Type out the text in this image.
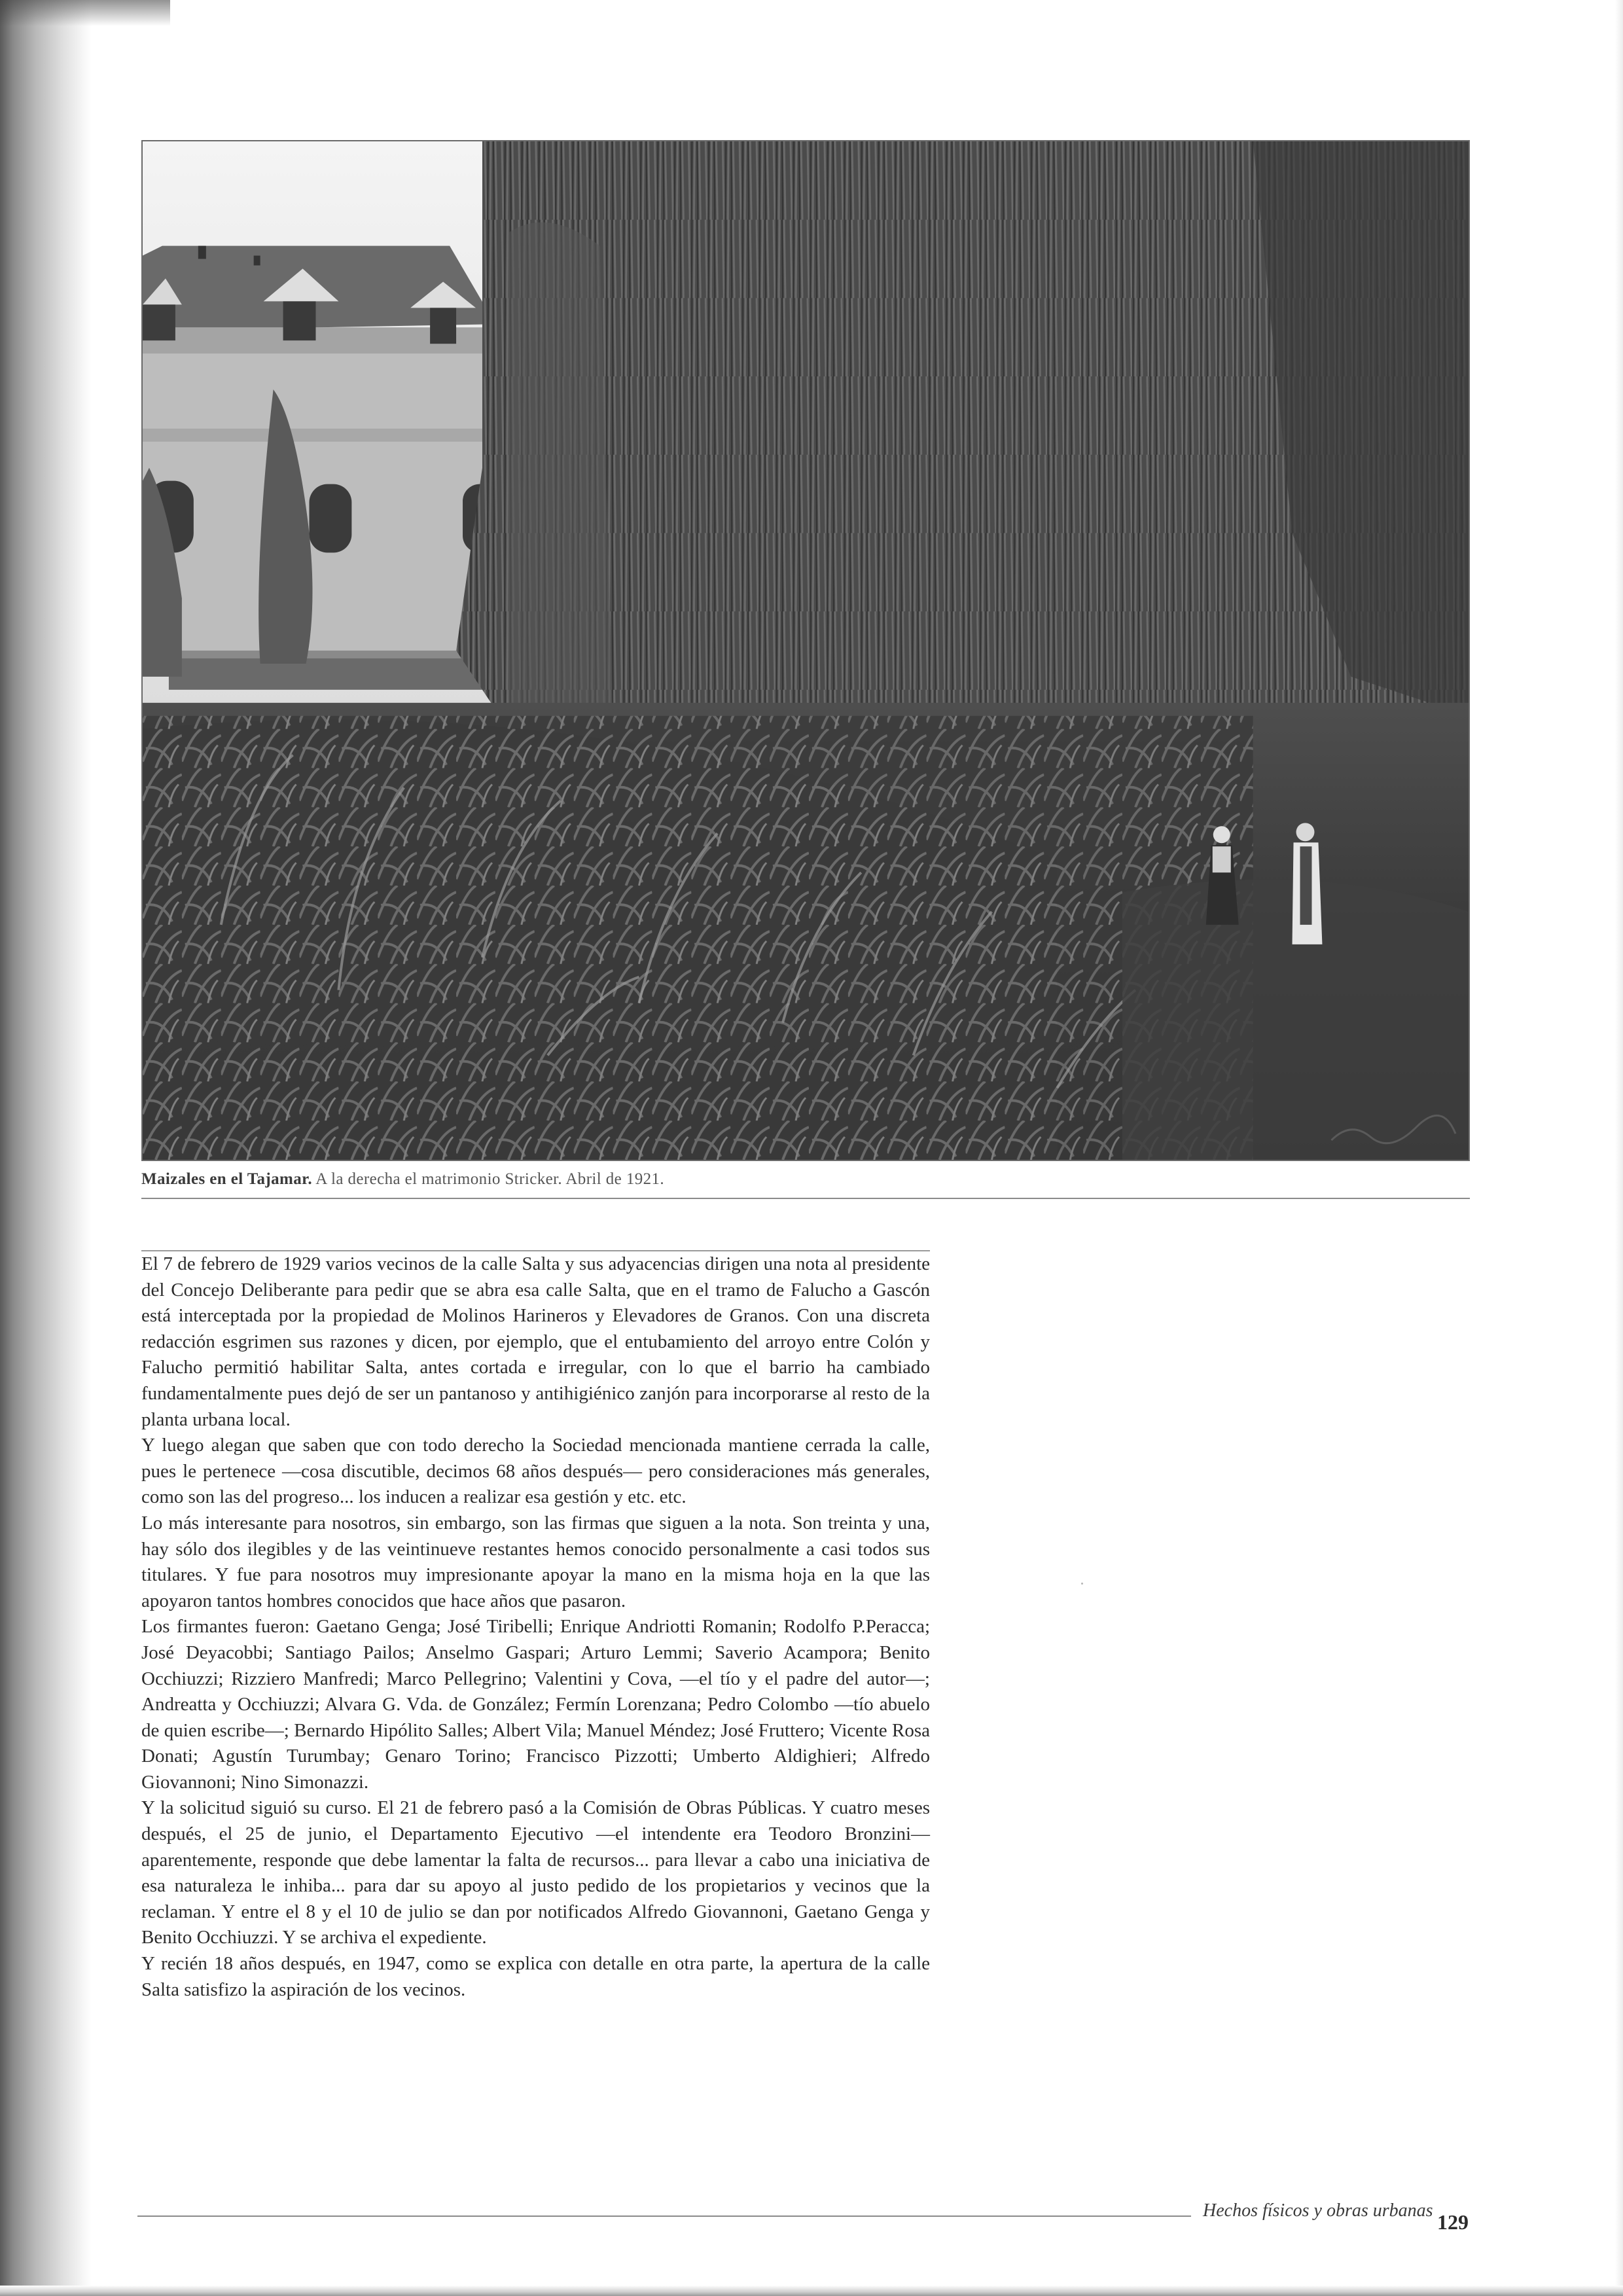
Maizales en el Tajamar. A la derecha el matrimonio Stricker. Abril de 1921.

El 7 de febrero de 1929 varios vecinos de la calle Salta y sus adyacencias dirigen una nota al presidente del Concejo Deliberante para pedir que se abra esa calle Salta, que en el tramo de Falucho a Gascón está interceptada por la propiedad de Molinos Harineros y Elevadores de Granos. Con una discreta redacción esgrimen sus razones y dicen, por ejemplo, que el entubamiento del arroyo entre Colón y Falucho permitió habilitar Salta, antes cortada e irregular, con lo que el barrio ha cambiado fundamentalmente pues dejó de ser un pantanoso y antihigiénico zanjón para incorporarse al resto de la planta urbana local.

Y luego alegan que saben que con todo derecho la Sociedad mencionada mantiene cerrada la calle, pues le pertenece —cosa discutible, decimos 68 años después— pero consideraciones más generales, como son las del progreso... los inducen a realizar esa gestión y etc. etc.

Lo más interesante para nosotros, sin embargo, son las firmas que siguen a la nota. Son treinta y una, hay sólo dos ilegibles y de las veintinueve restantes hemos conocido personalmente a casi todos sus titulares. Y fue para nosotros muy impresionante apoyar la mano en la misma hoja en la que las apoyaron tantos hombres conocidos que hace años que pasaron.

Los firmantes fueron: Gaetano Genga; José Tiribelli; Enrique Andriotti Romanin; Rodolfo P.Peracca; José Deyacobbi; Santiago Pailos; Anselmo Gaspari; Arturo Lemmi; Saverio Acampora; Benito Occhiuzzi; Rizziero Manfredi; Marco Pellegrino; Valentini y Cova, —el tío y el padre del autor—; Andreatta y Occhiuzzi; Alvara G. Vda. de González; Fermín Lorenzana; Pedro Colombo —tío abuelo de quien escribe—; Bernardo Hipólito Salles; Albert Vila; Manuel Méndez; José Fruttero; Vicente Rosa Donati; Agustín Turumbay; Genaro Torino; Francisco Pizzotti; Umberto Aldighieri; Alfredo Giovannoni; Nino Simonazzi.

Y la solicitud siguió su curso. El 21 de febrero pasó a la Comisión de Obras Públicas. Y cuatro meses después, el 25 de junio, el Departamento Ejecutivo —el intendente era Teodoro Bronzini— aparentemente, responde que debe lamentar la falta de recursos... para llevar a cabo una iniciativa de esa naturaleza le inhiba... para dar su apoyo al justo pedido de los propietarios y vecinos que la reclaman. Y entre el 8 y el 10 de julio se dan por notificados Alfredo Giovannoni, Gaetano Genga y Benito Occhiuzzi. Y se archiva el expediente.

Y recién 18 años después, en 1947, como se explica con detalle en otra parte, la apertura de la calle Salta satisfizo la aspiración de los vecinos.

Hechos físicos y obras urbanas 129
